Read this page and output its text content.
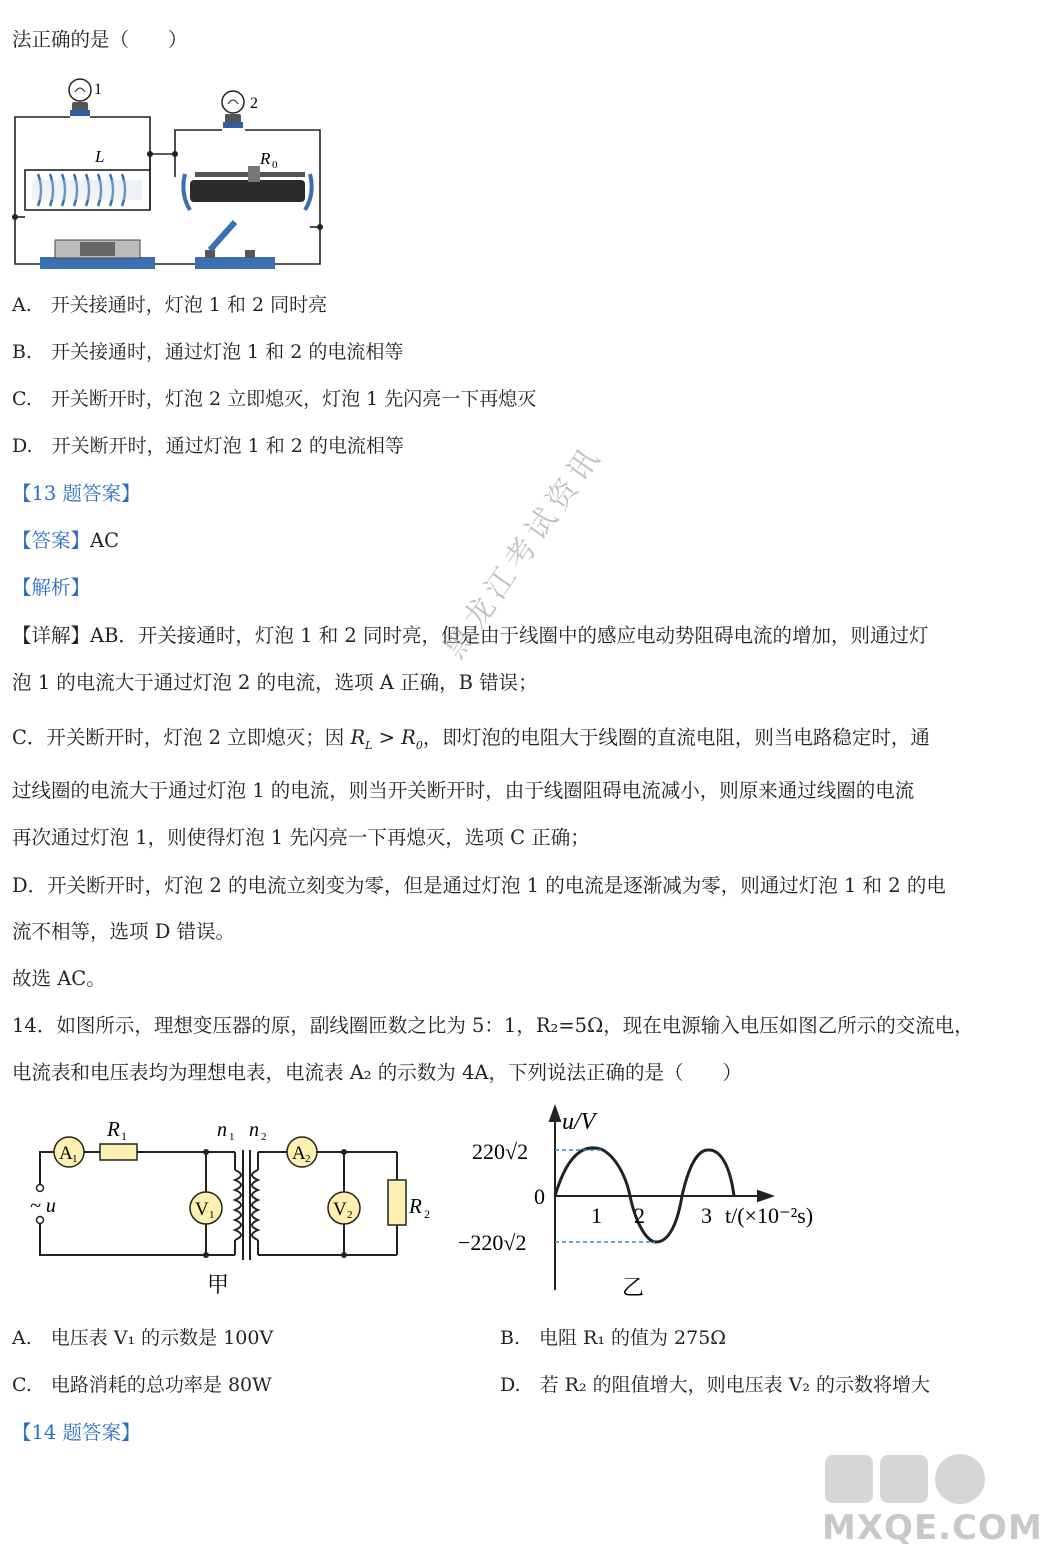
法正确的是（　　）
1
2
L	R 0
A.　开关接通时，灯泡 1 和 2 同时亮
B.　开关接通时，通过灯泡 1 和 2 的电流相等
C.　开关断开时，灯泡 2 立即熄灭，灯泡 1 先闪亮一下再熄灭
D.　开关断开时，通过灯泡 1 和 2 的电流相等
【13 题答案】
【答案】AC
【解析】
【详解】AB．开关接通时，灯泡 1 和 2 同时亮，但是由于线圈中的感应电动势阻碍电流的增加，则通过灯
泡 1 的电流大于通过灯泡 2 的电流，选项 A 正确，B 错误；
C．开关断开时，灯泡 2 立即熄灭；因 $R_L > R_0$，即灯泡的电阻大于线圈的直流电阻，则当电路稳定时，通
过线圈的电流大于通过灯泡 1 的电流，则当开关断开时，由于线圈阻碍电流减小，则原来通过线圈的电流
再次通过灯泡 1，则使得灯泡 1 先闪亮一下再熄灭，选项 C 正确；
D．开关断开时，灯泡 2 的电流立刻变为零，但是通过灯泡 1 的电流是逐渐减为零，则通过灯泡 1 和 2 的电
流不相等，选项 D 错误。
故选 AC。
14．如图所示，理想变压器的原，副线圈匝数之比为 5：1，R₂=5Ω，现在电源输入电压如图乙所示的交流电，
电流表和电压表均为理想电表，电流表 A₂ 的示数为 4A，下列说法正确的是（　　）
~ u
A 1
R 1
V 1
n 1 n 2
A 2
V 2	R 2
甲
u/V
220√2
−220√2
0
1 2	3 t/(×10⁻²s)
乙
A.　电压表 V₁ 的示数是 100V	B.　电阻 R₁ 的值为 275Ω
C.　电路消耗的总功率是 80W	D.　若 R₂ 的阻值增大，则电压表 V₂ 的示数将增大
【14 题答案】
黑龙江考试资讯
MXQE.COM
